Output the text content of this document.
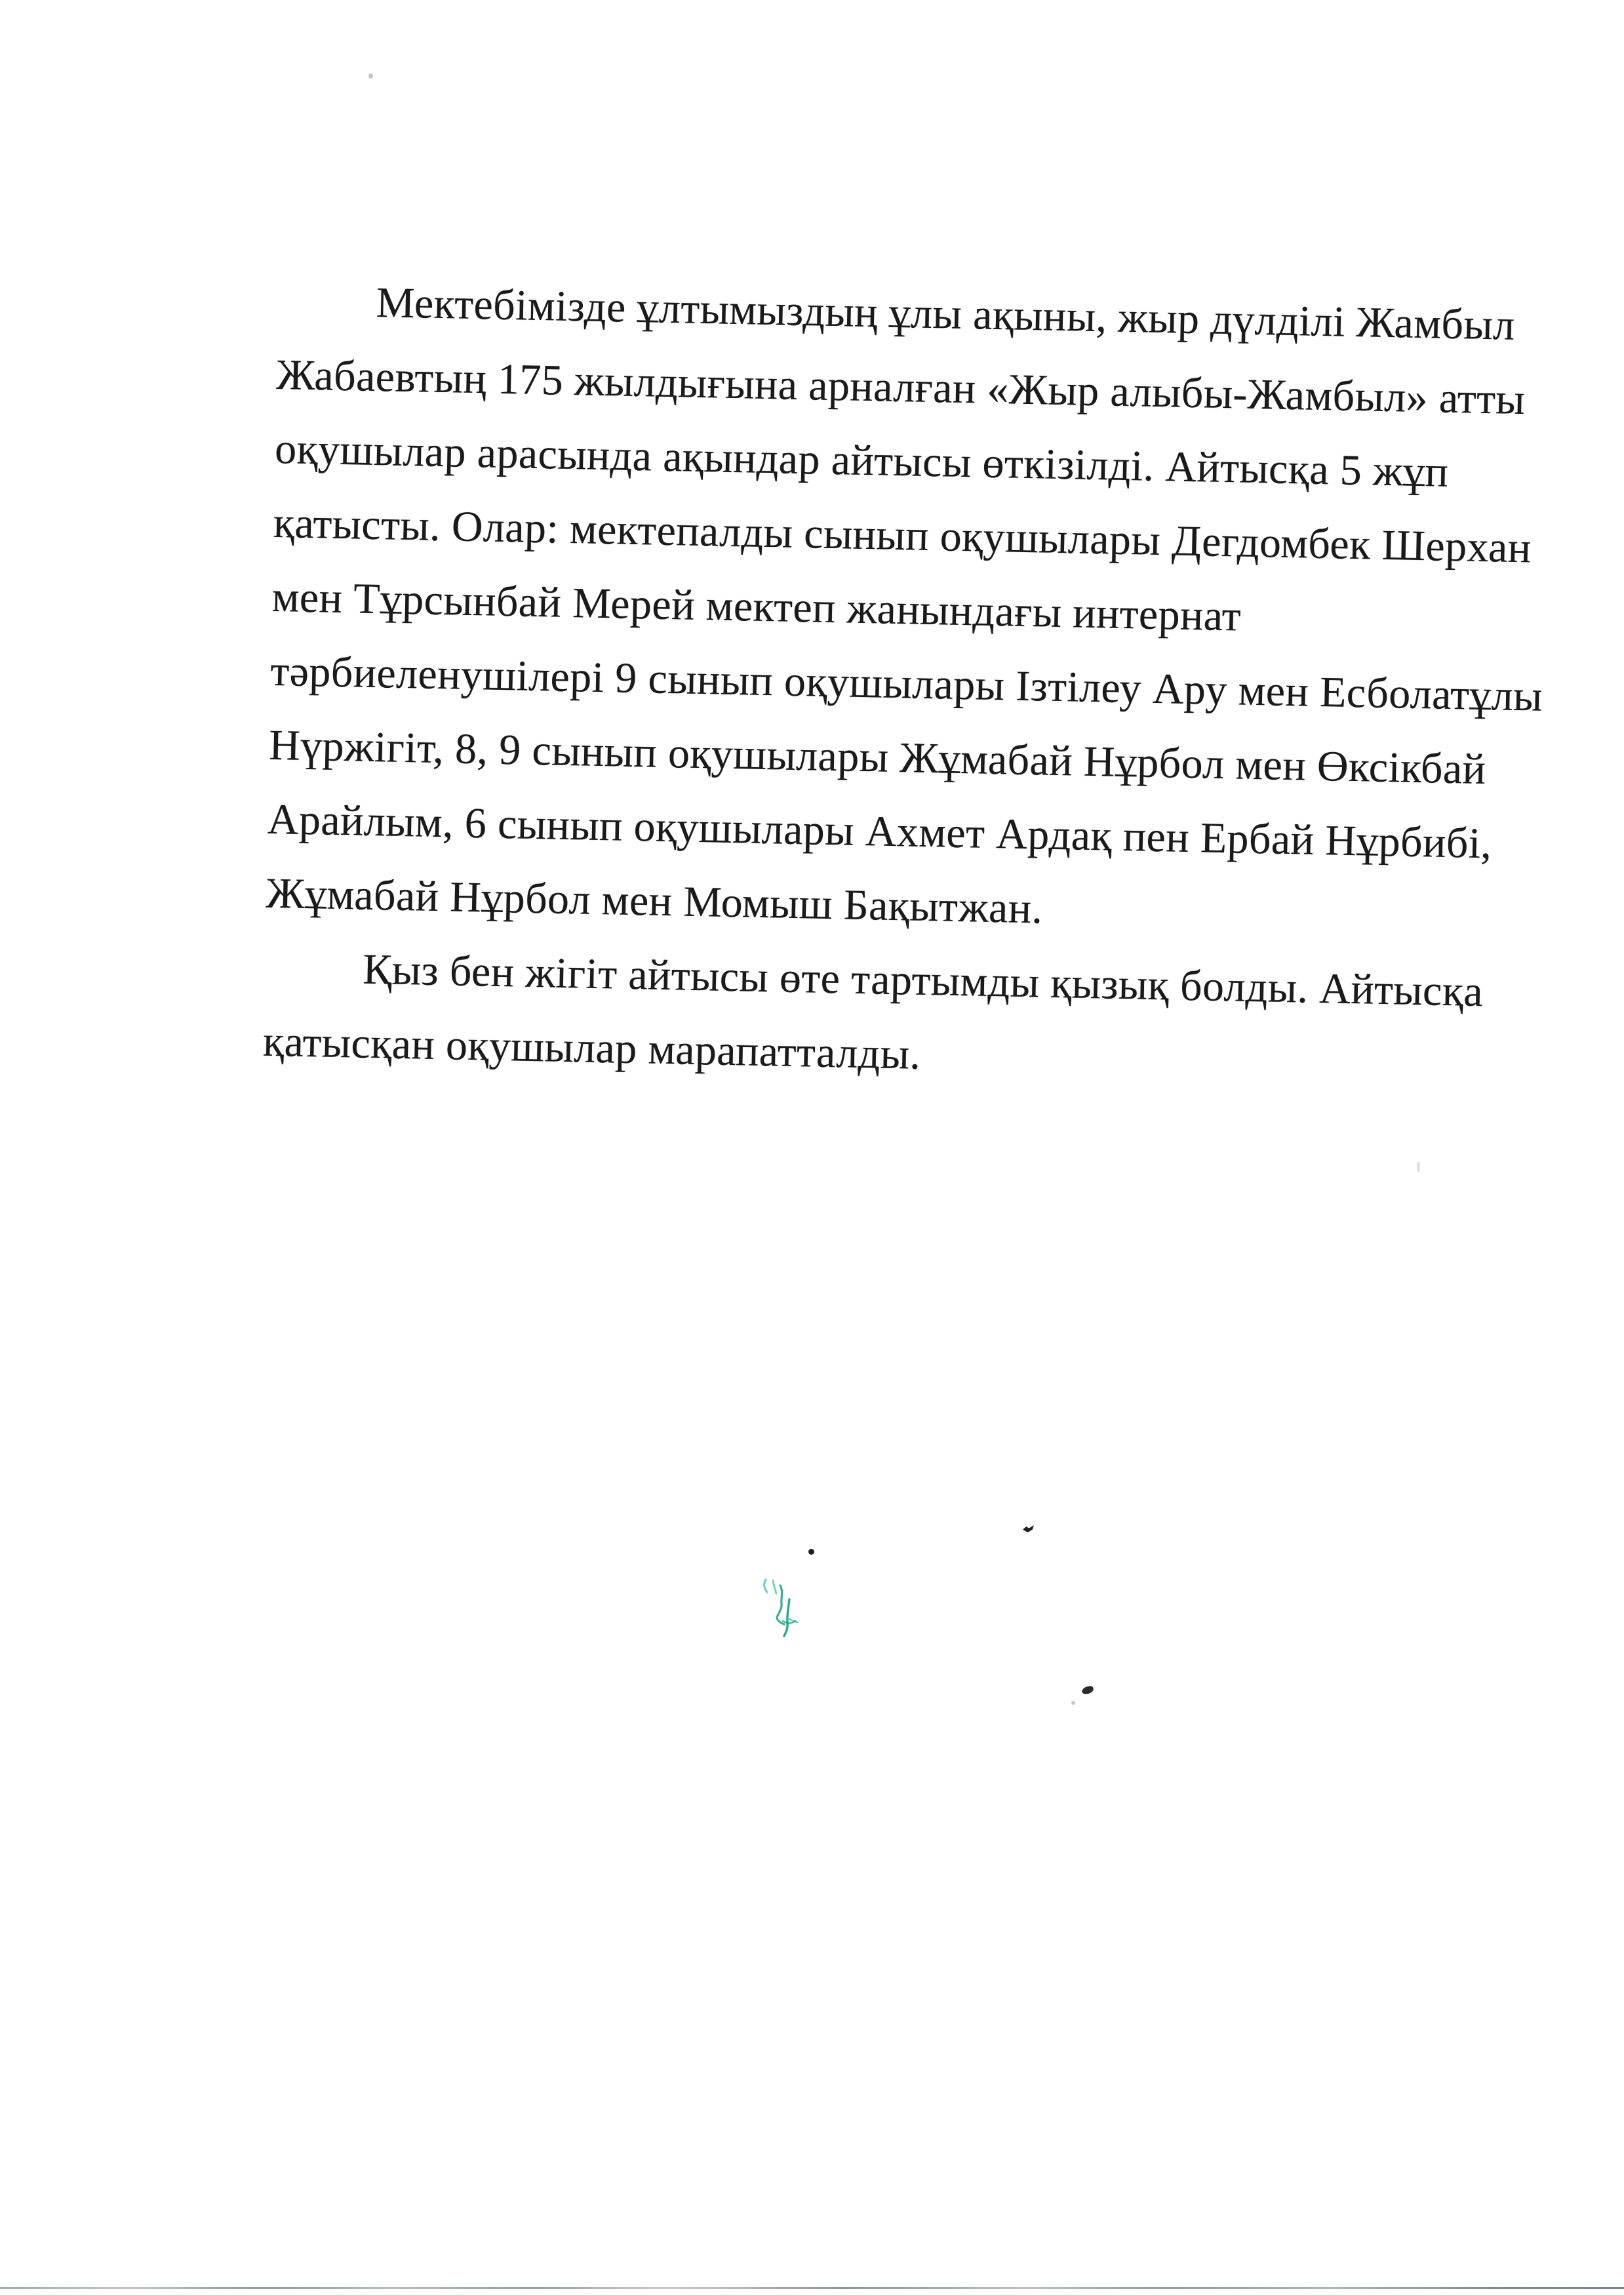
Мектебімізде ұлтымыздың ұлы ақыны, жыр дүлділі Жамбыл
Жабаевтың 175 жылдығына арналған «Жыр алыбы-Жамбыл» атты
оқушылар арасында ақындар айтысы өткізілді. Айтысқа 5 жұп
қатысты. Олар: мектепалды сынып оқушылары Дегдомбек Шерхан
мен Тұрсынбай Мерей мектеп жанындағы интернат
тәрбиеленушілері 9 сынып оқушылары Ізтілеу Ару мен Есболатұлы
Нүржігіт, 8, 9 сынып оқушылары Жұмабай Нұрбол мен Өксікбай
Арайлым, 6 сынып оқушылары Ахмет Ардақ пен Ербай Нұрбибі,
Жұмабай Нұрбол мен Момыш Бақытжан.
Қыз бен жігіт айтысы өте тартымды қызық болды. Айтысқа
қатысқан оқушылар марапатталды.
